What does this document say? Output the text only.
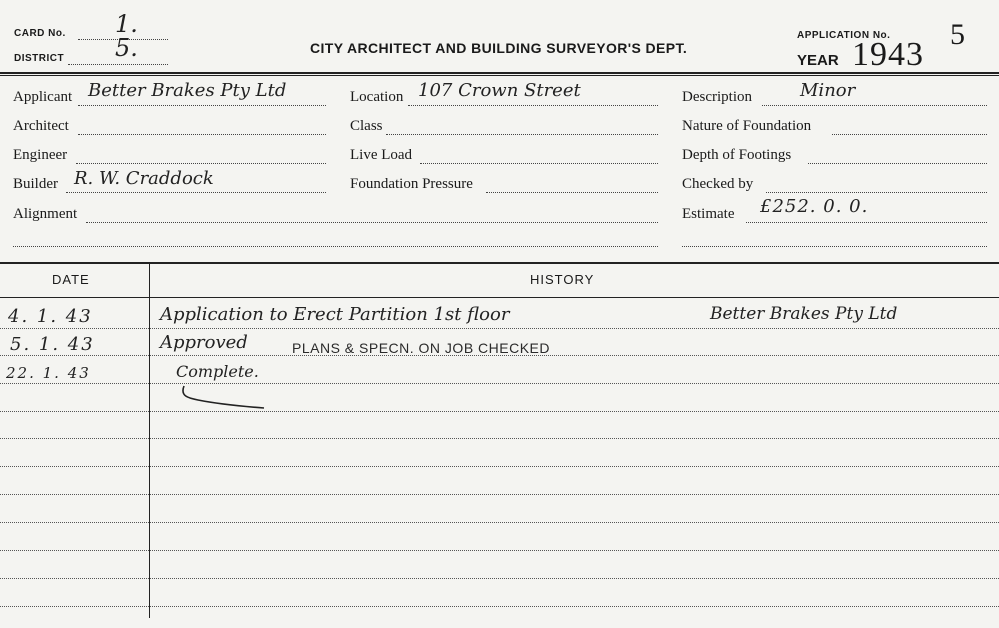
CARD No. 1.
DISTRICT 5.	CITY ARCHITECT AND BUILDING SURVEYOR'S DEPT.
APPLICATION No. 5
YEAR 1943
Applicant Better Brakes Pty Ltd
Architect
Engineer
Builder R. W. Craddock
Alignment
Location 107 Crown Street
Class
Live Load
Foundation Pressure
Description	Minor
Nature of Foundation
Depth of Footings
Checked by
Estimate £252. 0. 0.
DATE	HISTORY
4. 1. 43	Application to Erect Partition 1st floor	Better Brakes Pty Ltd
5. 1. 43	Approved	PLANS & SPECN. ON JOB CHECKED
22. 1. 43	Complete.
